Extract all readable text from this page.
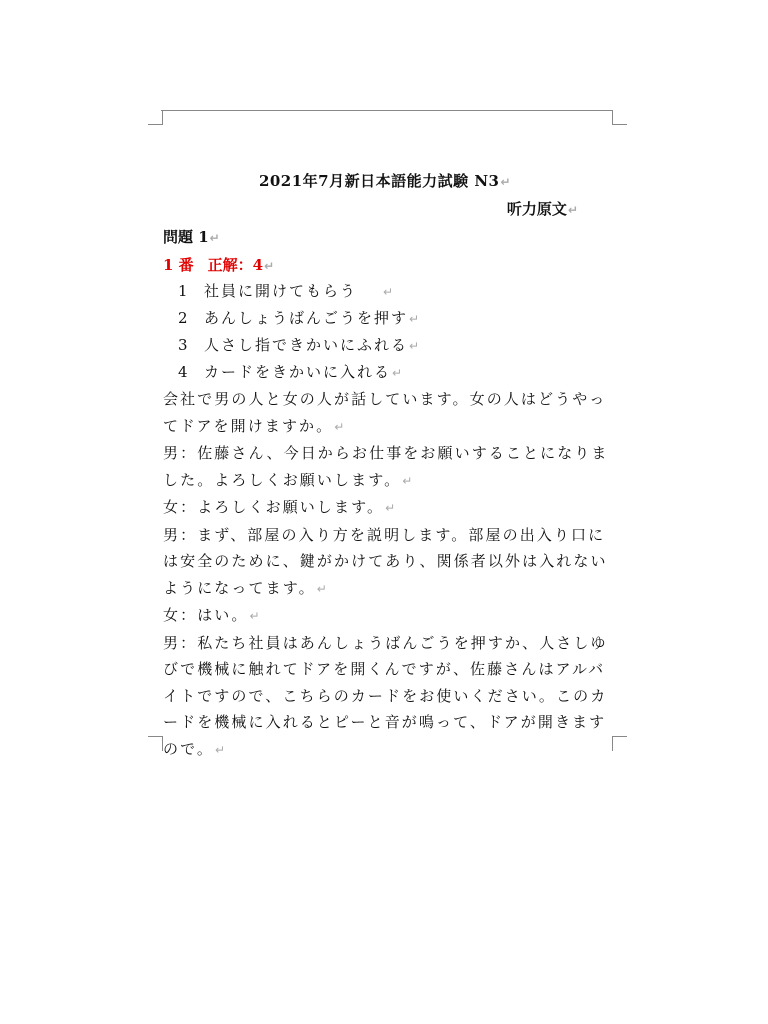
2021年7月新日本語能力試験 N3↵
听力原文↵
問題 1↵
1 番 正解：4↵
1 社員に開けてもらう ↵
2 あんしょうばんごうを押す↵
3 人さし指できかいにふれる↵
4 カードをきかいに入れる↵

会社で男の人と女の人が話しています。女の人はどうやってドアを開けますか。↵

男：佐藤さん、今日からお仕事をお願いすることになりました。よろしくお願いします。↵

女：よろしくお願いします。↵

男：まず、部屋の入り方を説明します。部屋の出入り口には安全のために、鍵がかけてあり、関係者以外は入れないようになってます。↵

女：はい。↵

男：私たち社員はあんしょうばんごうを押すか、人さしゆびで機械に触れてドアを開くんですが、佐藤さんはアルバイトですので、こちらのカードをお使いください。このカードを機械に入れるとピーと音が鳴って、ドアが開きますので。↵
